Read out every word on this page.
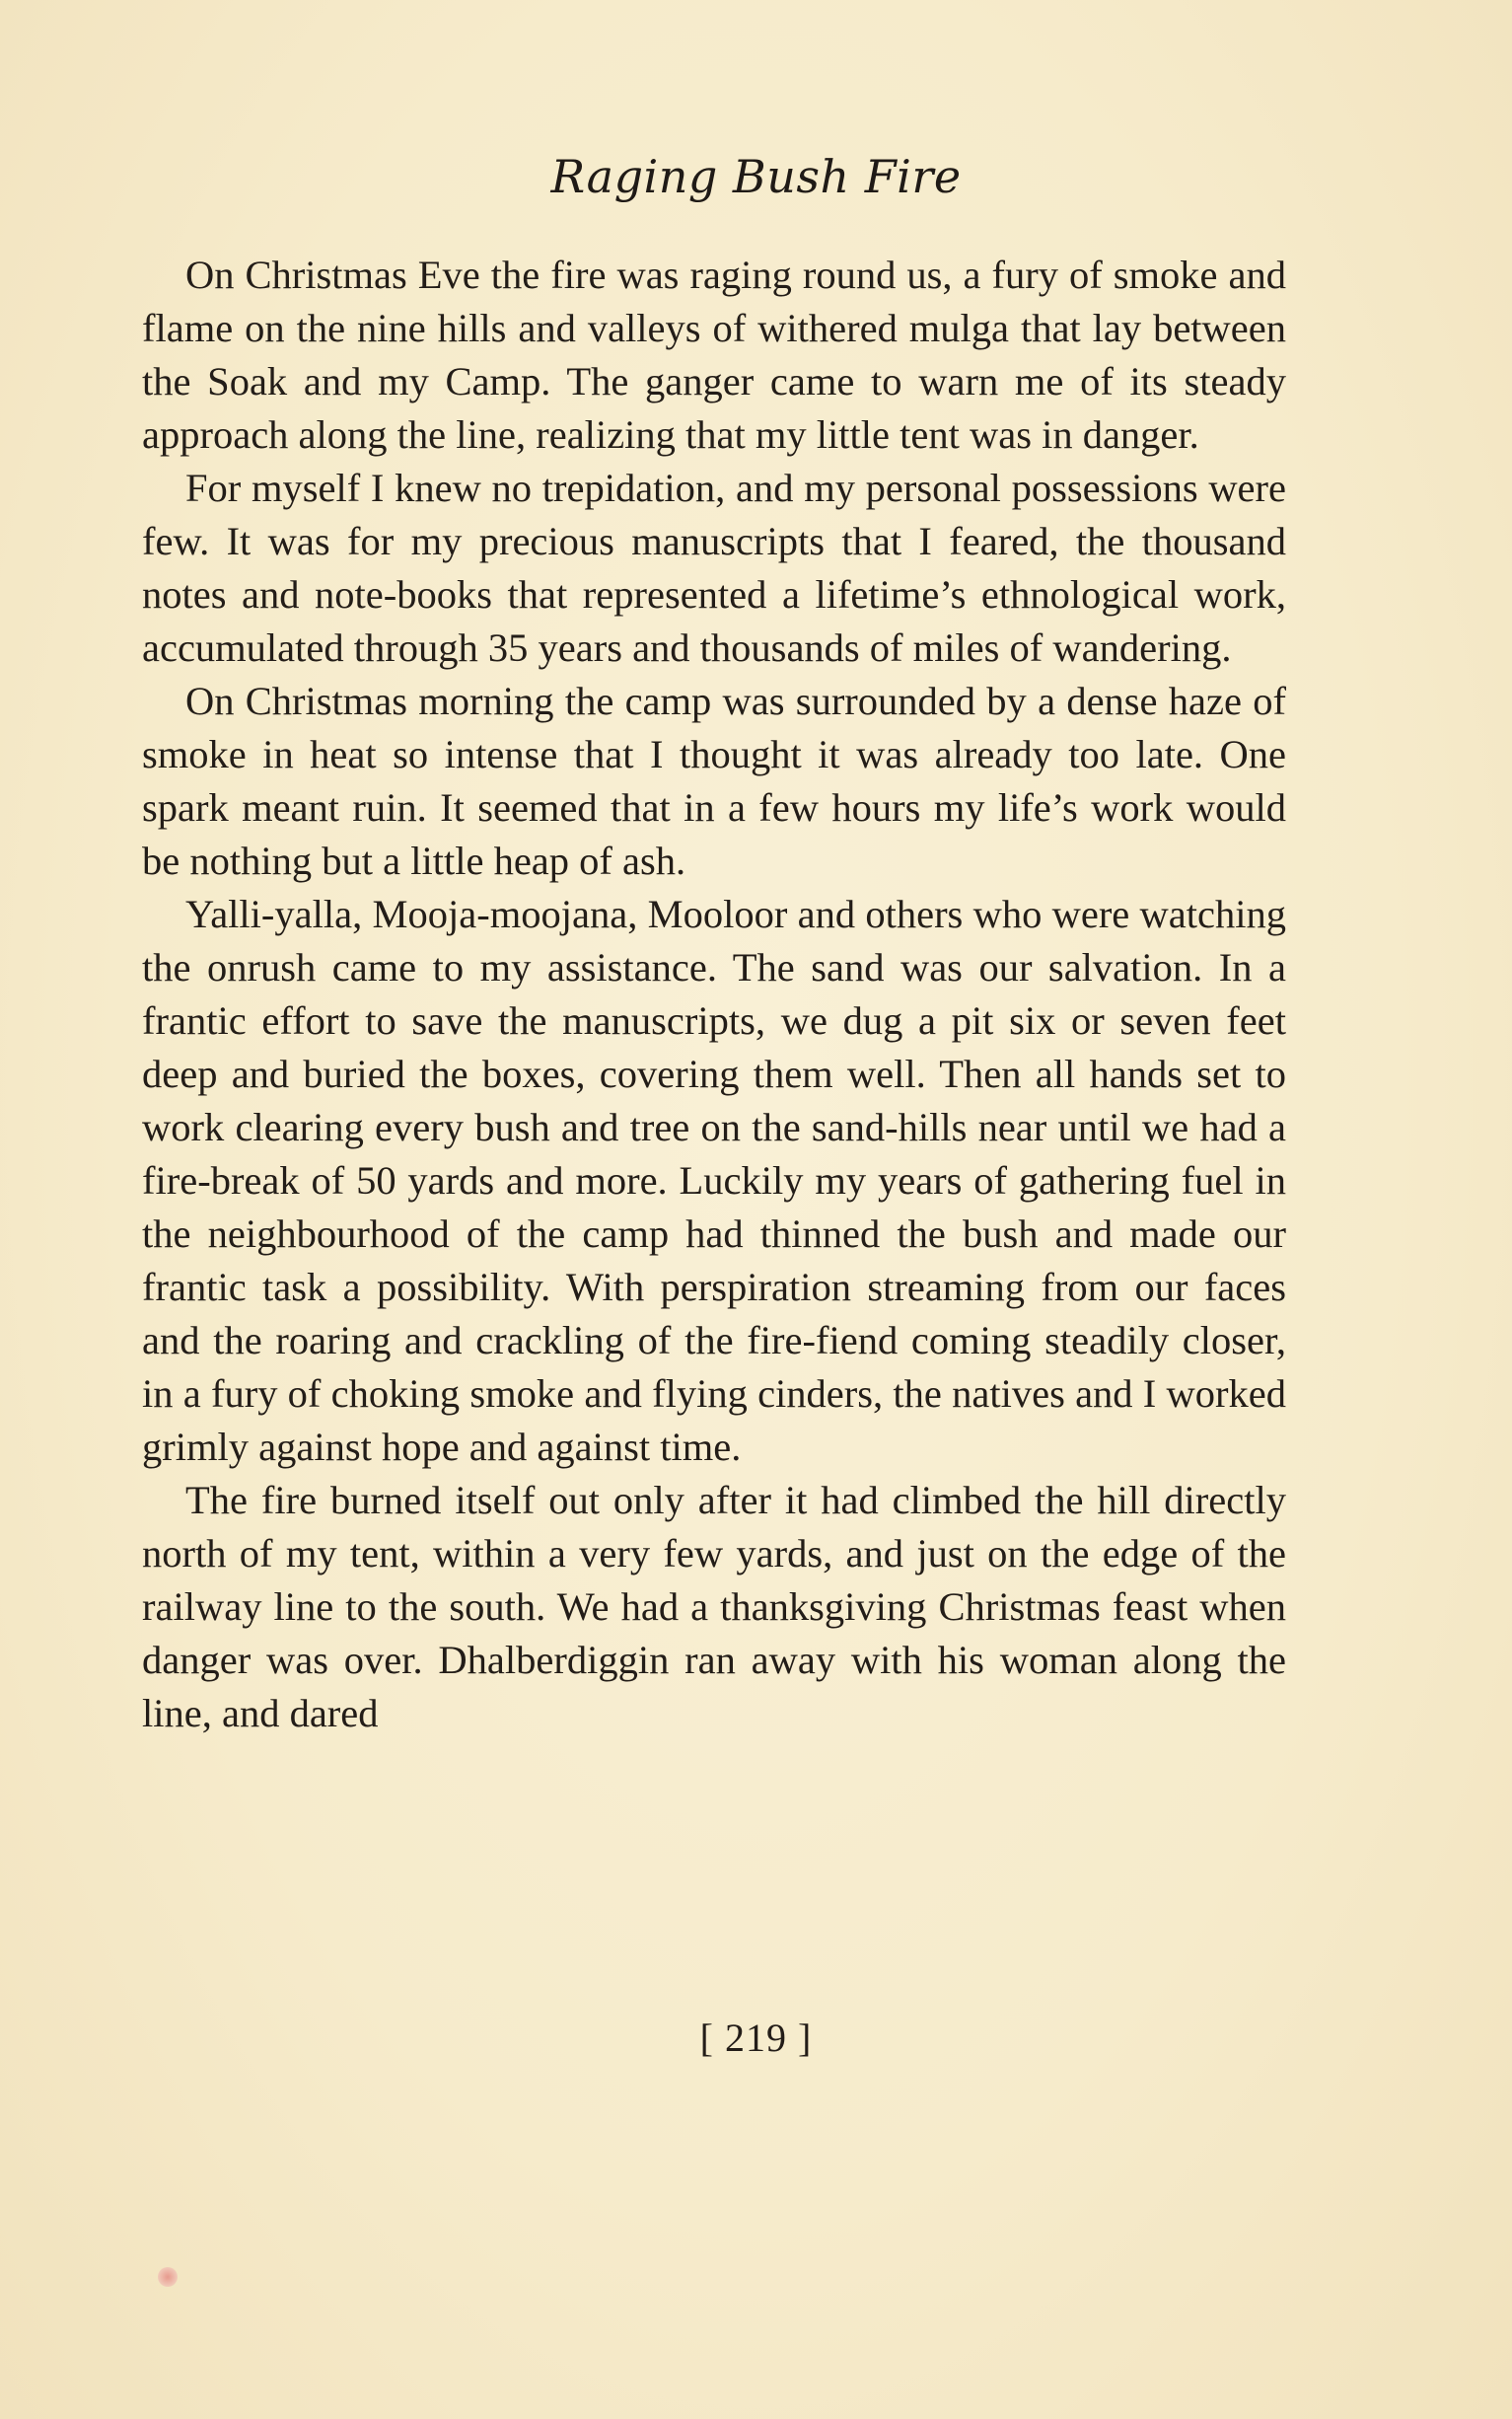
Raging Bush Fire

On Christmas Eve the fire was raging round us, a fury of smoke and flame on the nine hills and valleys of withered mulga that lay between the Soak and my Camp. The ganger came to warn me of its steady approach along the line, realizing that my little tent was in danger.

For myself I knew no trepidation, and my personal possessions were few. It was for my precious manuscripts that I feared, the thousand notes and note-books that represented a lifetime’s ethnological work, accumulated through 35 years and thousands of miles of wandering.

On Christmas morning the camp was surrounded by a dense haze of smoke in heat so intense that I thought it was already too late. One spark meant ruin. It seemed that in a few hours my life’s work would be nothing but a little heap of ash.

Yalli-yalla, Mooja-moojana, Mooloor and others who were watching the onrush came to my assistance. The sand was our salvation. In a frantic effort to save the manuscripts, we dug a pit six or seven feet deep and buried the boxes, covering them well. Then all hands set to work clearing every bush and tree on the sand-hills near until we had a fire-break of 50 yards and more. Luckily my years of gathering fuel in the neighbourhood of the camp had thinned the bush and made our frantic task a possibility. With perspiration streaming from our faces and the roaring and crackling of the fire-fiend coming steadily closer, in a fury of choking smoke and flying cinders, the natives and I worked grimly against hope and against time.

The fire burned itself out only after it had climbed the hill directly north of my tent, within a very few yards, and just on the edge of the railway line to the south. We had a thanksgiving Christmas feast when danger was over. Dhalberdiggin ran away with his woman along the line, and dared

[ 219 ]
